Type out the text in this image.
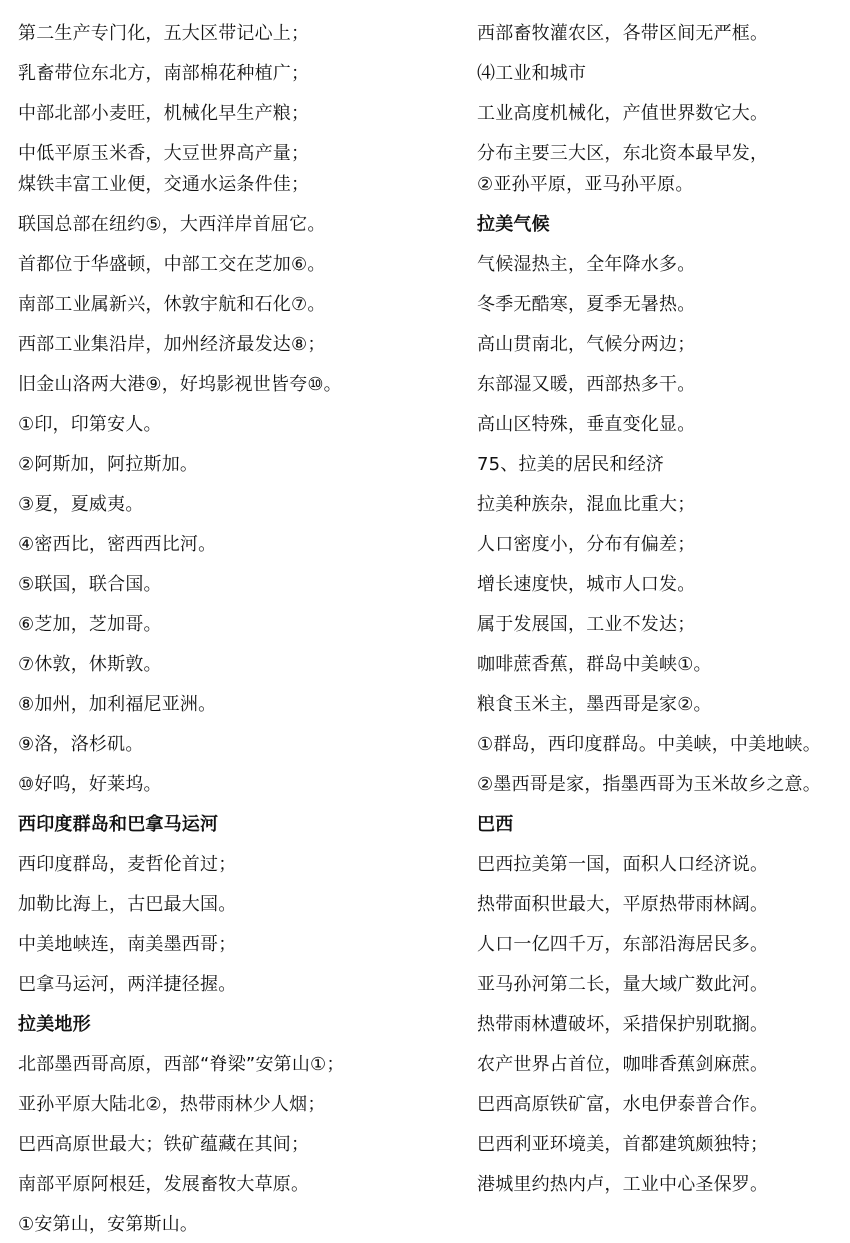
第二生产专门化，五大区带记心上；
乳畜带位东北方，南部棉花种植广；
中部北部小麦旺，机械化早生产粮；
中低平原玉米香，大豆世界高产量；
煤铁丰富工业便，交通水运条件佳；
联国总部在纽约⑤，大西洋岸首屈它。
首都位于华盛顿，中部工交在芝加⑥。
南部工业属新兴，休敦宇航和石化⑦。
西部工业集沿岸，加州经济最发达⑧；
旧金山洛两大港⑨，好坞影视世皆夸⑩。
①印，印第安人。
②阿斯加，阿拉斯加。
③夏，夏威夷。
④密西比，密西西比河。
⑤联国，联合国。
⑥芝加，芝加哥。
⑦休敦，休斯敦。
⑧加州，加利福尼亚洲。
⑨洛，洛杉矶。
⑩好呜，好莱坞。
西印度群岛和巴拿马运河
西印度群岛，麦哲伦首过；
加勒比海上，古巴最大国。
中美地峡连，南美墨西哥；
巴拿马运河，两洋捷径握。
拉美地形
北部墨西哥高原，西部“脊梁”安第山①；
亚孙平原大陆北②，热带雨林少人烟；
巴西高原世最大；铁矿蕴藏在其间；
南部平原阿根廷，发展畜牧大草原。
①安第山，安第斯山。
西部畜牧灌农区，各带区间无严框。
⑷工业和城市
工业高度机械化，产值世界数它大。
分布主要三大区，东北资本最早发，
②亚孙平原，亚马孙平原。
拉美气候
气候湿热主，全年降水多。
冬季无酷寒，夏季无暑热。
高山贯南北，气候分两边；
东部湿又暖，西部热多干。
高山区特殊，垂直变化显。
75、拉美的居民和经济
拉美种族杂，混血比重大；
人口密度小，分布有偏差；
增长速度快，城市人口发。
属于发展国，工业不发达；
咖啡蔗香蕉，群岛中美峡①。
粮食玉米主，墨西哥是家②。
①群岛，西印度群岛。中美峡，中美地峡。
②墨西哥是家，指墨西哥为玉米故乡之意。
巴西
巴西拉美第一国，面积人口经济说。
热带面积世最大，平原热带雨林阔。
人口一亿四千万，东部沿海居民多。
亚马孙河第二长，量大域广数此河。
热带雨林遭破坏，采措保护别耽搁。
农产世界占首位，咖啡香蕉剑麻蔗。
巴西高原铁矿富，水电伊泰普合作。
巴西利亚环境美，首都建筑颇独特；
港城里约热内卢，工业中心圣保罗。
